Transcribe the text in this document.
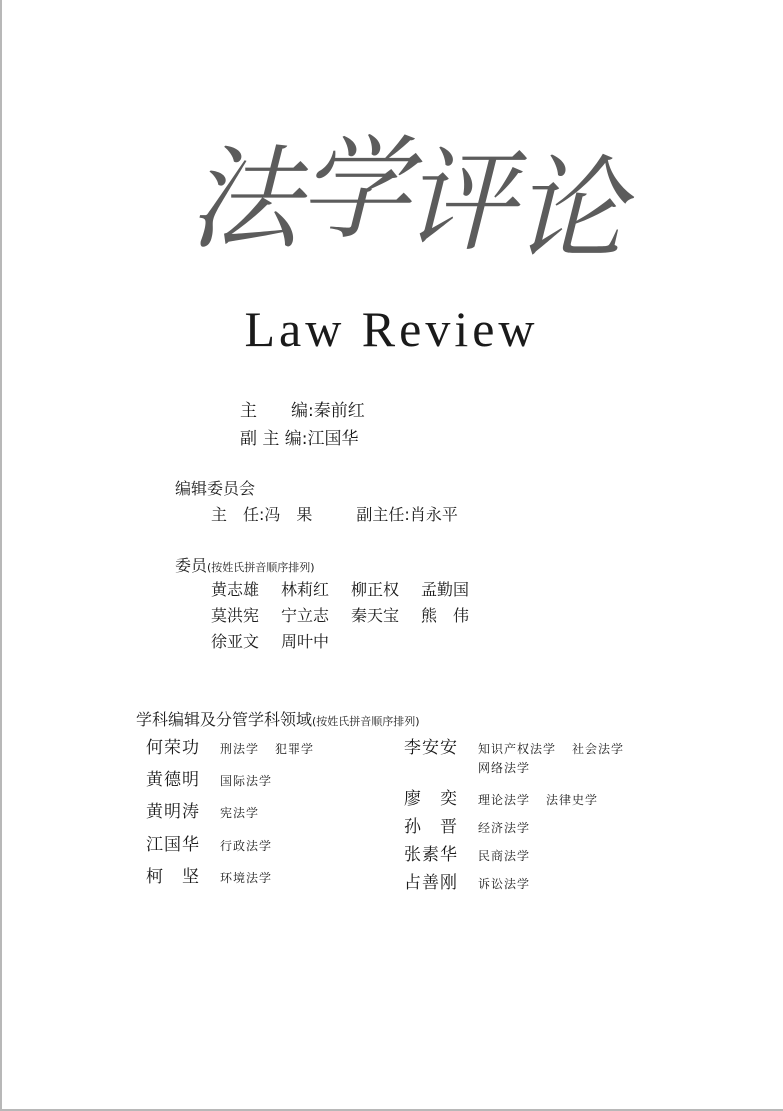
法
学
评
论
Law Review
主　　编:秦前红
副 主 编:江国华
编辑委员会
主　任:冯　果	副主任:肖永平
委员(按姓氏拼音顺序排列)
黄志雄 林莉红 柳正权 孟勤国
莫洪宪 宁立志 秦天宝 熊　伟
徐亚文 周叶中
学科编辑及分管学科领域(按姓氏拼音顺序排列)
何荣功	刑法学 犯罪学
黄德明	国际法学
黄明涛	宪法学
江国华	行政法学
柯　坚	环境法学
李安安	知识产权法学 社会法学
网络法学
廖　奕	理论法学 法律史学
孙　晋	经济法学
张素华	民商法学
占善刚	诉讼法学
